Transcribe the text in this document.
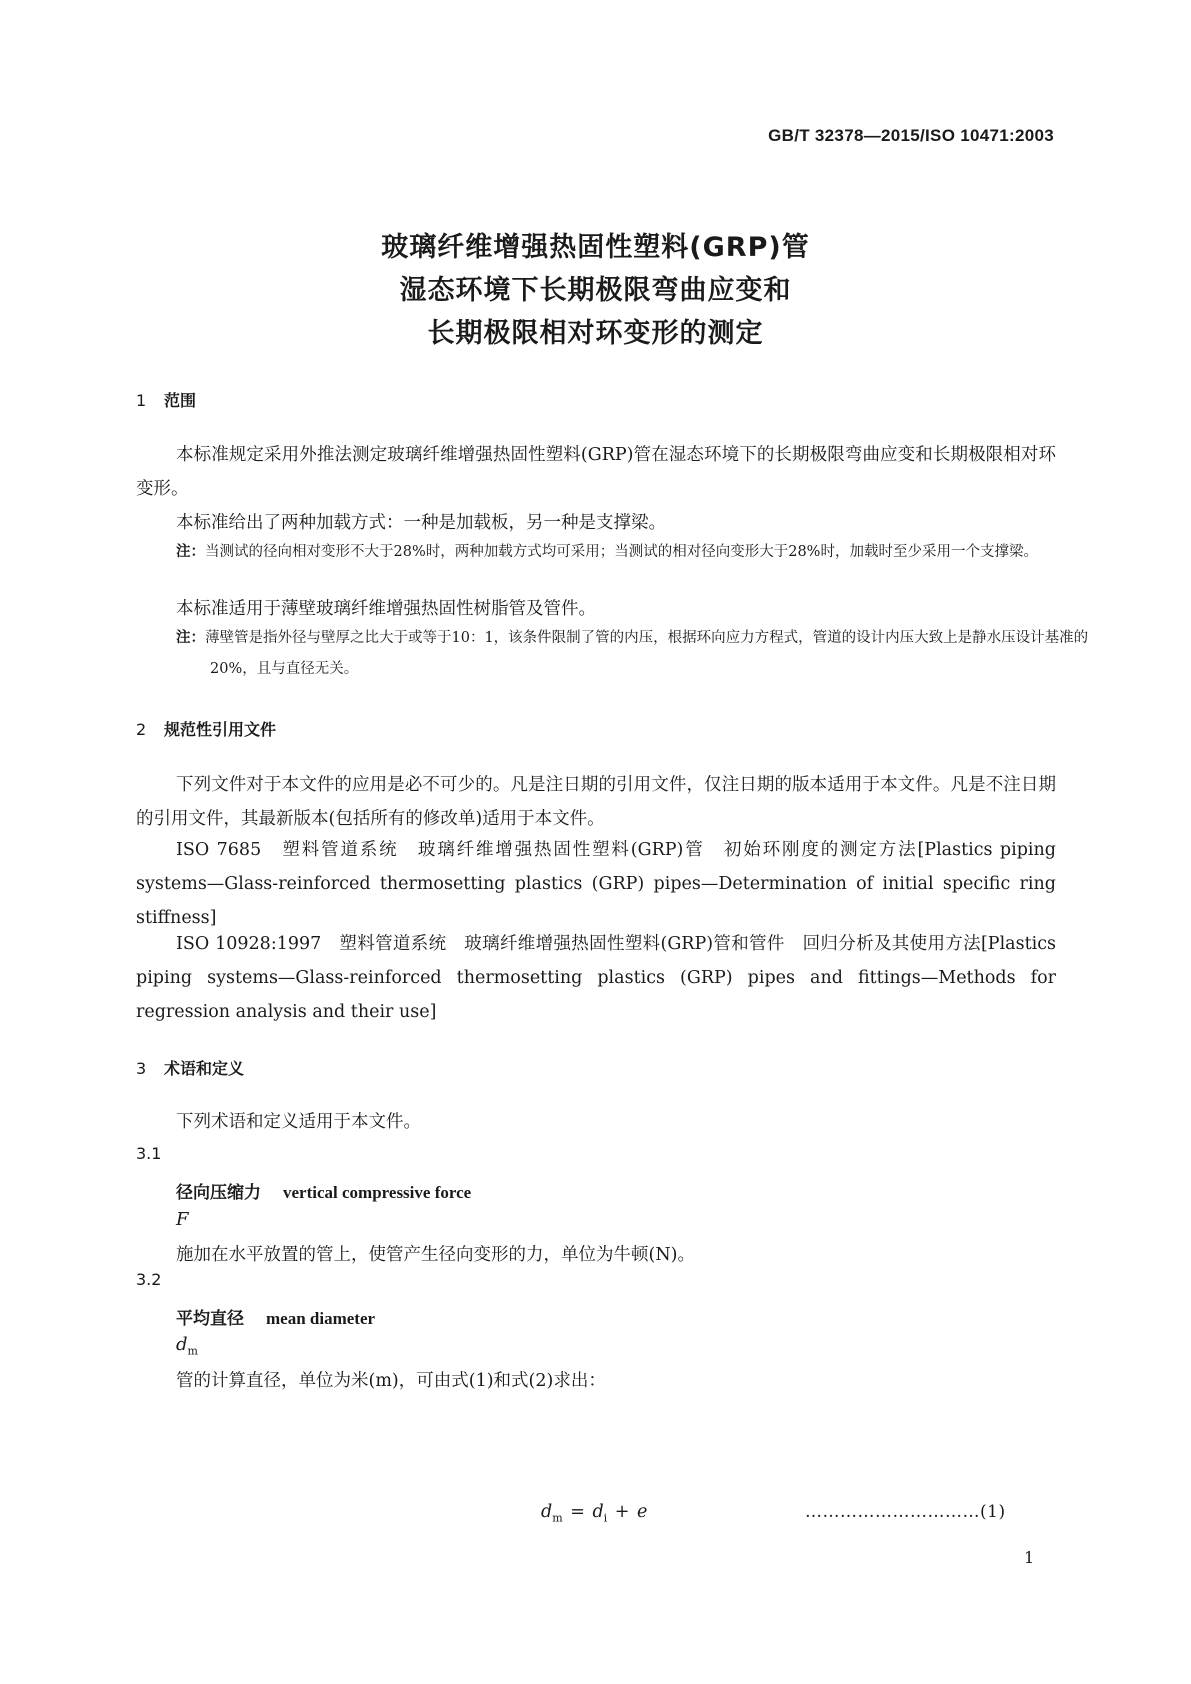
GB/T 32378—2015/ISO 10471:2003
玻璃纤维增强热固性塑料(GRP)管
湿态环境下长期极限弯曲应变和
长期极限相对环变形的测定
1 范围
本标准规定采用外推法测定玻璃纤维增强热固性塑料(GRP)管在湿态环境下的长期极限弯曲应变和长期极限相对环变形。
本标准给出了两种加载方式：一种是加载板，另一种是支撑梁。
注：当测试的径向相对变形不大于28%时，两种加载方式均可采用；当测试的相对径向变形大于28%时，加载时至少采用一个支撑梁。
本标准适用于薄壁玻璃纤维增强热固性树脂管及管件。
注：薄壁管是指外径与壁厚之比大于或等于10：1，该条件限制了管的内压，根据环向应力方程式，管道的设计内压大致上是静水压设计基准的20%，且与直径无关。
2 规范性引用文件
下列文件对于本文件的应用是必不可少的。凡是注日期的引用文件，仅注日期的版本适用于本文件。凡是不注日期的引用文件，其最新版本(包括所有的修改单)适用于本文件。
ISO 7685　塑料管道系统　玻璃纤维增强热固性塑料(GRP)管　初始环刚度的测定方法[Plastics piping systems—Glass-reinforced thermosetting plastics (GRP) pipes—Determination of initial specific ring stiffness]
ISO 10928:1997　塑料管道系统　玻璃纤维增强热固性塑料(GRP)管和管件　回归分析及其使用方法[Plastics piping systems—Glass-reinforced thermosetting plastics (GRP) pipes and fittings—Methods for regression analysis and their use]
3 术语和定义
下列术语和定义适用于本文件。
3.1
径向压缩力 vertical compressive force
F
施加在水平放置的管上，使管产生径向变形的力，单位为牛顿(N)。
3.2
平均直径 mean diameter
$d_m$
管的计算直径，单位为米(m)，可由式(1)和式(2)求出：
$d_m = d_i + e$	…………………………(1)
1
